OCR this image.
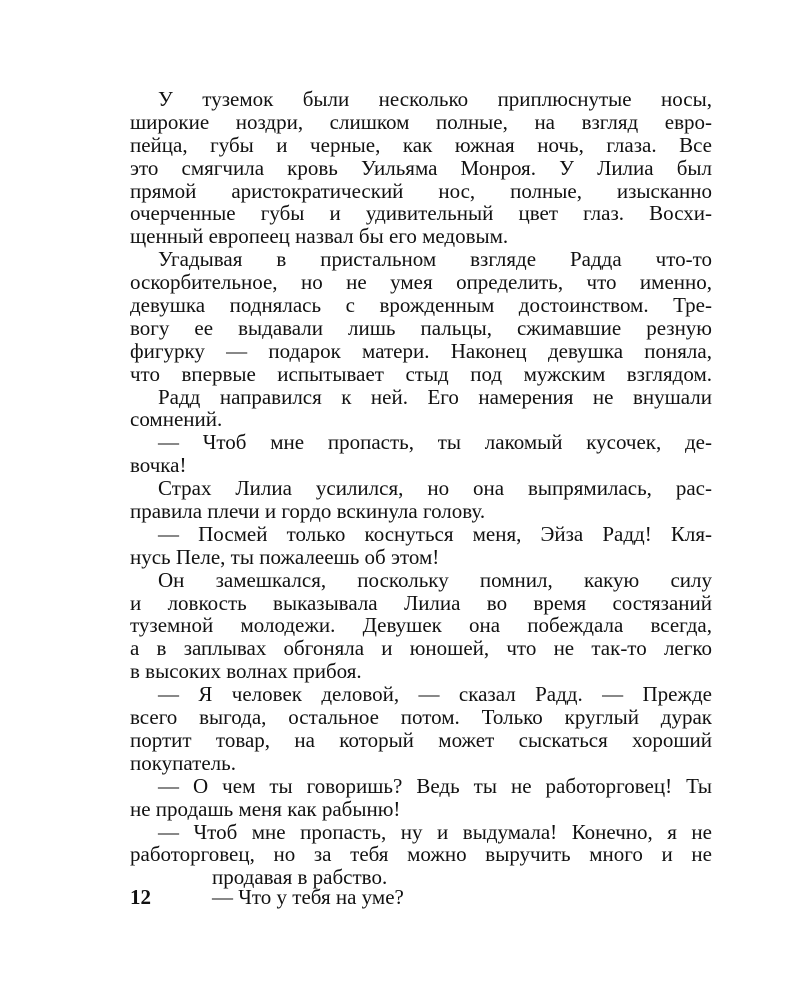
У туземок были несколько приплюснутые носы,
широкие ноздри, слишком полные, на взгляд евро-
пейца, губы и черные, как южная ночь, глаза. Все
это смягчила кровь Уильяма Монроя. У Лилиа был
прямой аристократический нос, полные, изысканно
очерченные губы и удивительный цвет глаз. Восхи-
щенный европеец назвал бы его медовым.
Угадывая в пристальном взгляде Радда что-то
оскорбительное, но не умея определить, что именно,
девушка поднялась с врожденным достоинством. Тре-
вогу ее выдавали лишь пальцы, сжимавшие резную
фигурку — подарок матери. Наконец девушка поняла,
что впервые испытывает стыд под мужским взглядом.
Радд направился к ней. Его намерения не внушали
сомнений.
— Чтоб мне пропасть, ты лакомый кусочек, де-
вочка!
Страх Лилиа усилился, но она выпрямилась, рас-
правила плечи и гордо вскинула голову.
— Посмей только коснуться меня, Эйза Радд! Кля-
нусь Пеле, ты пожалеешь об этом!
Он замешкался, поскольку помнил, какую силу
и ловкость выказывала Лилиа во время состязаний
туземной молодежи. Девушек она побеждала всегда,
а в заплывах обгоняла и юношей, что не так-то легко
в высоких волнах прибоя.
— Я человек деловой, — сказал Радд. — Прежде
всего выгода, остальное потом. Только круглый дурак
портит товар, на который может сыскаться хороший
покупатель.
— О чем ты говоришь? Ведь ты не работорговец! Ты
не продашь меня как рабыню!
— Чтоб мне пропасть, ну и выдумала! Конечно, я не
работорговец, но за тебя можно выручить много и не
продавая в рабство.
12	— Что у тебя на уме?
